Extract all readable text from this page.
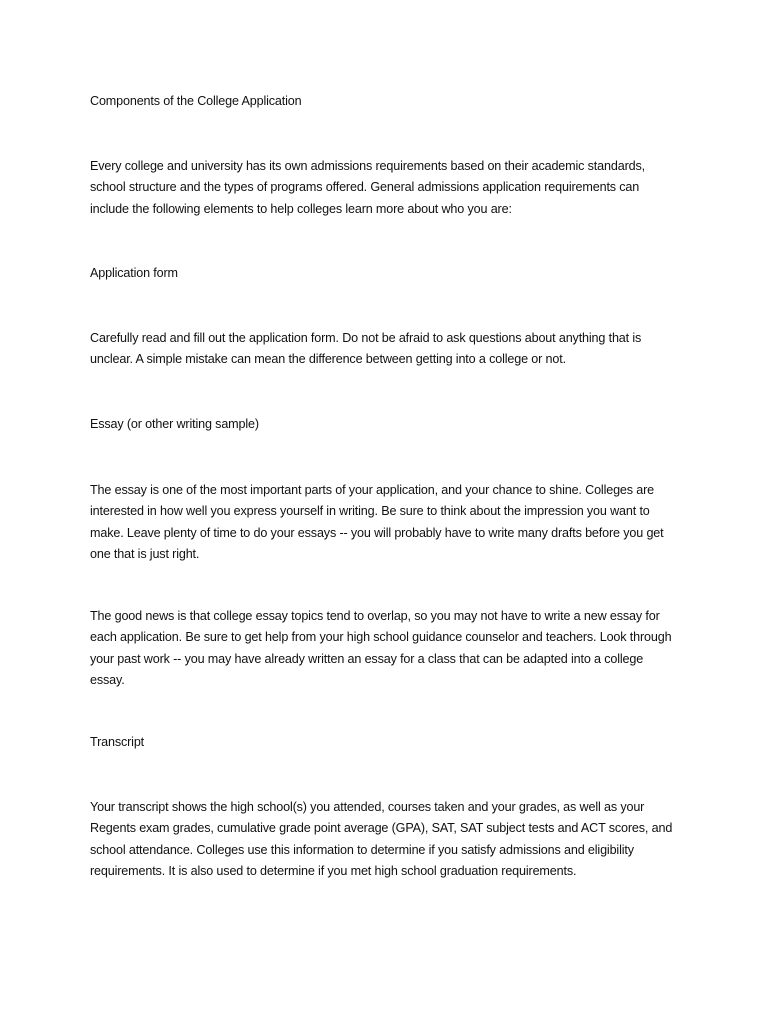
Components of the College Application

Every college and university has its own admissions requirements based on their academic standards, school structure and the types of programs offered. General admissions application requirements can include the following elements to help colleges learn more about who you are:

Application form

Carefully read and fill out the application form. Do not be afraid to ask questions about anything that is unclear. A simple mistake can mean the difference between getting into a college or not.

Essay (or other writing sample)

The essay is one of the most important parts of your application, and your chance to shine. Colleges are interested in how well you express yourself in writing. Be sure to think about the impression you want to make. Leave plenty of time to do your essays -- you will probably have to write many drafts before you get one that is just right.

The good news is that college essay topics tend to overlap, so you may not have to write a new essay for each application. Be sure to get help from your high school guidance counselor and teachers. Look through your past work -- you may have already written an essay for a class that can be adapted into a college essay.

Transcript

Your transcript shows the high school(s) you attended, courses taken and your grades, as well as your Regents exam grades, cumulative grade point average (GPA), SAT, SAT subject tests and ACT scores, and school attendance. Colleges use this information to determine if you satisfy admissions and eligibility requirements. It is also used to determine if you met high school graduation requirements.
